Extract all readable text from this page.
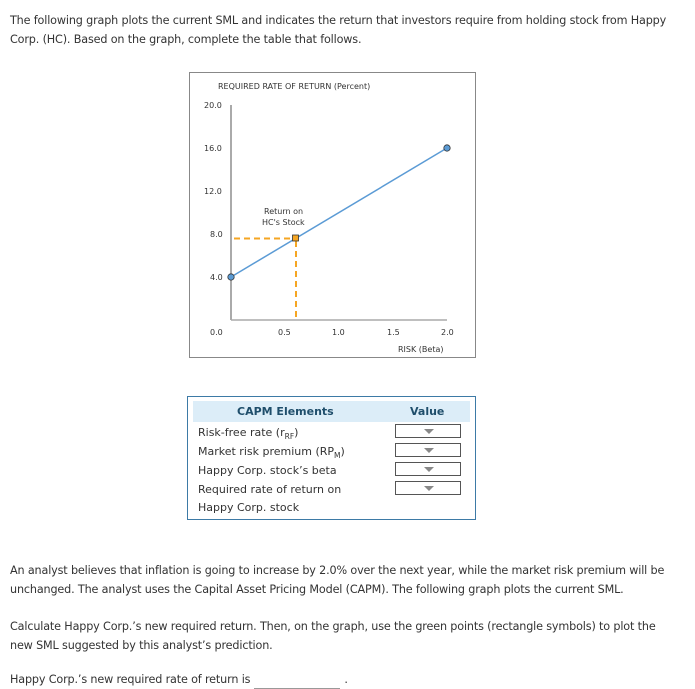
The following graph plots the current SML and indicates the return that investors require from holding stock from Happy Corp. (HC). Based on the graph, complete the table that follows.
REQUIRED RATE OF RETURN (Percent)
20.0
16.0
12.0
8.0
4.0
0.0	0.5	1.0	1.5	2.0
RISK (Beta)
Return on
HC's Stock
CAPM Elements	Value
Risk-free rate $(r_{RF})$
Market risk premium $(RP_M)$
Happy Corp. stock’s beta
Required rate of return on
Happy Corp. stock
An analyst believes that inflation is going to increase by 2.0% over the next year, while the market risk premium will be unchanged. The analyst uses the Capital Asset Pricing Model (CAPM). The following graph plots the current SML.
Calculate Happy Corp.’s new required return. Then, on the graph, use the green points (rectangle symbols) to plot the new SML suggested by this analyst’s prediction.
Happy Corp.’s new required rate of return is	.
